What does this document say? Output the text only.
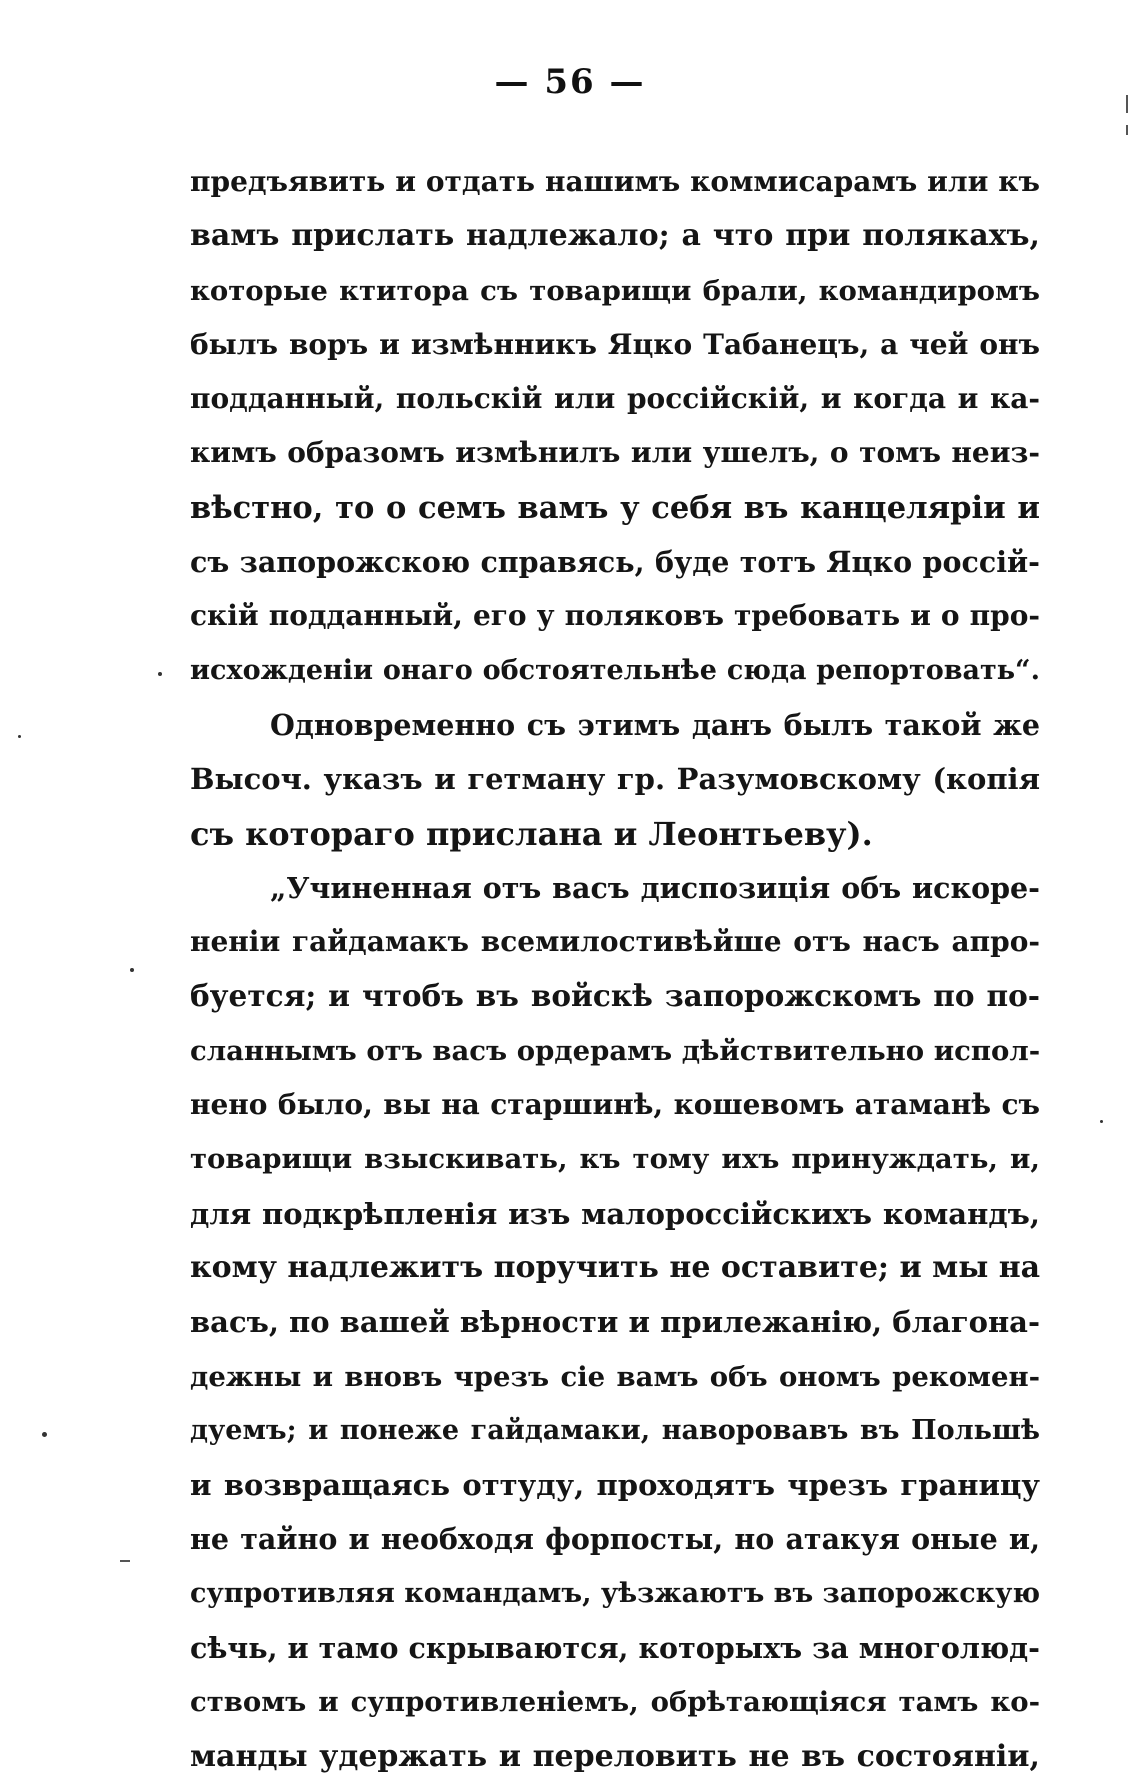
— 56 —
предъявить и отдать нашимъ коммисарамъ или къ
вамъ прислать надлежало; а что при полякахъ,
которые ктитора съ товарищи брали, командиромъ
былъ воръ и измѣнникъ Яцко Табанецъ, а чей онъ
подданный, польскій или россійскій, и когда и ка-
кимъ образомъ измѣнилъ или ушелъ, о томъ неиз-
вѣстно, то о семъ вамъ у себя въ канцеляріи и
съ запорожскою справясь, буде тотъ Яцко россій-
скій подданный, его у поляковъ требовать и о про-
исхожденіи онаго обстоятельнѣе сюда репортовать“.
Одновременно съ этимъ данъ былъ такой же
Высоч. указъ и гетману гр. Разумовскому (копія
съ котораго прислана и Леонтьеву).
„Учиненная отъ васъ диспозиція объ искоре-
неніи гайдамакъ всемилостивѣйше отъ насъ апро-
буется; и чтобъ въ войскѣ запорожскомъ по по-
сланнымъ отъ васъ ордерамъ дѣйствительно испол-
нено было, вы на старшинѣ, кошевомъ атаманѣ съ
товарищи взыскивать, къ тому ихъ принуждать, и,
для подкрѣпленія изъ малороссійскихъ командъ,
кому надлежитъ поручить не оставите; и мы на
васъ, по вашей вѣрности и прилежанію, благона-
дежны и вновъ чрезъ сіе вамъ объ ономъ рекомен-
дуемъ; и понеже гайдамаки, наворовавъ въ Польшѣ
и возвращаясь оттуду, проходятъ чрезъ границу
не тайно и необходя форпосты, но атакуя оные и,
супротивляя командамъ, уѣзжаютъ въ запорожскую
сѣчь, и тамо скрываются, которыхъ за многолюд-
ствомъ и супротивленіемъ, обрѣтающіяся тамъ ко-
манды удержать и переловить не въ состояніи,
